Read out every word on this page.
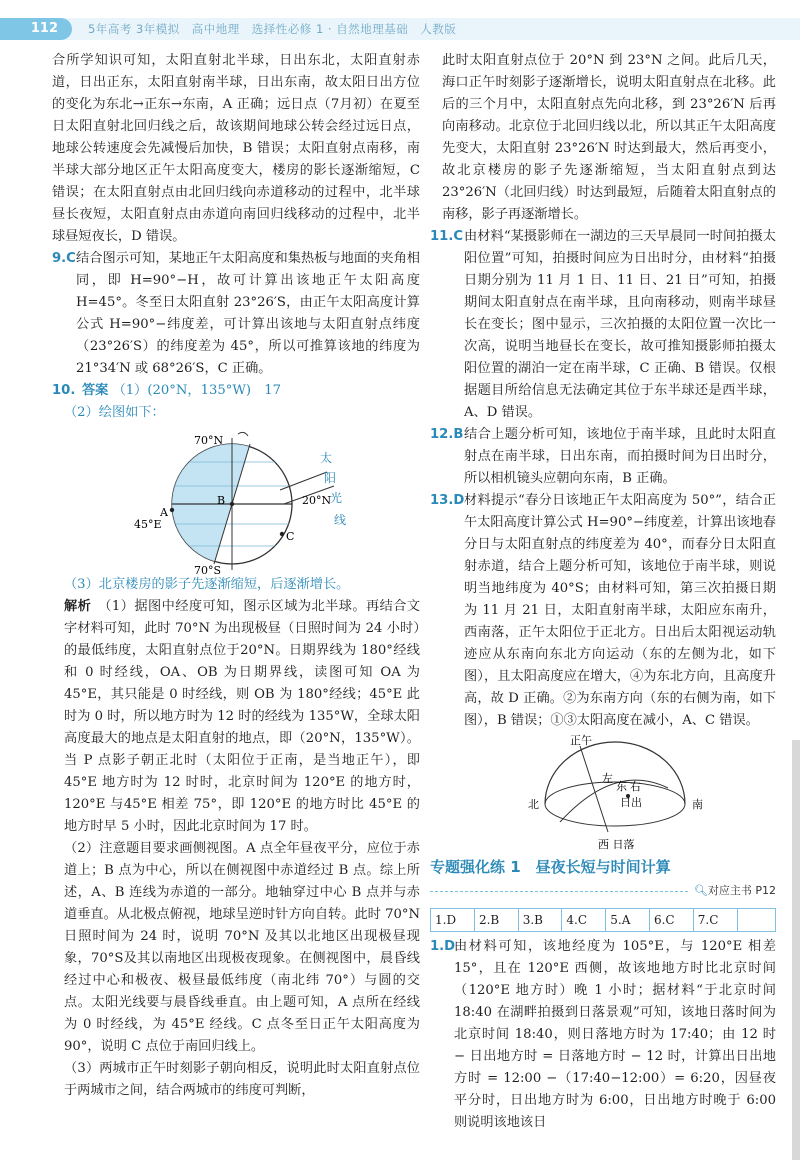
112	5年高考 3年模拟　高中地理　选择性必修 1 · 自然地理基础　人教版

合所学知识可知，太阳直射北半球，日出东北，太阳直射赤道，日出正东，太阳直射南半球，日出东南，故太阳日出方位的变化为东北→正东→东南，A 正确；远日点（7月初）在夏至日太阳直射北回归线之后，故该期间地球公转会经过远日点，地球公转速度会先减慢后加快，B 错误；太阳直射点南移，南半球大部分地区正午太阳高度变大，楼房的影长逐渐缩短，C 错误；在太阳直射点由北回归线向赤道移动的过程中，北半球昼长夜短，太阳直射点由赤道向南回归线移动的过程中，北半球昼短夜长，D 错误。

9.C 结合图示可知，某地正午太阳高度和集热板与地面的夹角相同，即 H=90°−H，故可计算出该地正午太阳高度 H=45°。冬至日太阳直射 23°26′S，由正午太阳高度计算公式 H=90°−纬度差，可计算出该地与太阳直射点纬度（23°26′S）的纬度差为 45°，所以可推算该地的纬度为 21°34′N 或 68°26′S，C 正确。
10. 答案 （1）(20°N，135°W)　17

（2）绘图如下：

70°N
20°N
70°S
45°E
A
B
C
太
阳
光
线

（3）北京楼房的影子先逐渐缩短，后逐渐增长。

解析　 （1）据图中经度可知，图示区域为北半球。再结合文字材料可知，此时 70°N 为出现极昼（日照时间为 24 小时）的最低纬度，太阳直射点位于20°N。日期界线为 180°经线和 0 时经线，OA、OB 为日期界线，读图可知 OA 为 45°E，其只能是 0 时经线，则 OB 为 180°经线；45°E 此时为 0 时，所以地方时为 12 时的经线为 135°W，全球太阳高度最大的地点是太阳直射的地点，即（20°N，135°W）。当 P 点影子朝正北时（太阳位于正南，是当地正午），即 45°E 地方时为 12 时时，北京时间为 120°E 的地方时，120°E 与45°E 相差 75°，即 120°E 的地方时比 45°E 的地方时早 5 小时，因此北京时间为 17 时。

（2）注意题目要求画侧视图。A 点全年昼夜平分，应位于赤道上；B 点为中心，所以在侧视图中赤道经过 B 点。综上所述，A、B 连线为赤道的一部分。地轴穿过中心 B 点并与赤道垂直。从北极点俯视，地球呈逆时针方向自转。此时 70°N 日照时间为 24 时，说明 70°N 及其以北地区出现极昼现象，70°S及其以南地区出现极夜现象。在侧视图中，晨昏线经过中心和极夜、极昼最低纬度（南北纬 70°）与圆的交点。太阳光线要与晨昏线垂直。由上题可知，A 点所在经线为 0 时经线，为 45°E 经线。C 点冬至日正午太阳高度为 90°，说明 C 点位于南回归线上。

（3）两城市正午时刻影子朝向相反，说明此时太阳直射点位于两城市之间，结合两城市的纬度可判断，

此时太阳直射点位于 20°N 到 23°N 之间。此后几天，海口正午时刻影子逐渐增长，说明太阳直射点在北移。此后的三个月中，太阳直射点先向北移，到 23°26′N 后再向南移动。北京位于北回归线以北，所以其正午太阳高度先变大，太阳直射 23°26′N 时达到最大，然后再变小，故北京楼房的影子先逐渐缩短，当太阳直射点到达 23°26′N（北回归线）时达到最短，后随着太阳直射点的南移，影子再逐渐增长。

11.C 由材料“某摄影师在一湖边的三天早晨同一时间拍摄太阳位置”可知，拍摄时间应为日出时分，由材料“拍摄日期分别为 11 月 1 日、11 日、21 日”可知，拍摄期间太阳直射点在南半球，且向南移动，则南半球昼长在变长；图中显示，三次拍摄的太阳位置一次比一次高，说明当地昼长在变长，故可推知摄影师拍摄太阳位置的湖泊一定在南半球，C 正确、B 错误。仅根据题目所给信息无法确定其位于东半球还是西半球，A、D 错误。
12.B 结合上题分析可知，该地位于南半球，且此时太阳直射点在南半球，日出东南，而拍摄时间为日出时分，所以相机镜头应朝向东南，B 正确。
13.D 材料提示“春分日该地正午太阳高度为 50°”，结合正午太阳高度计算公式 H=90°−纬度差，计算出该地春分日与太阳直射点的纬度差为 40°，而春分日太阳直射赤道，结合上题分析可知，该地位于南半球，则说明当地纬度为 40°S；由材料可知，第三次拍摄日期为 11 月 21 日，太阳直射南半球，太阳应东南升，西南落，正午太阳位于正北方。日出后太阳视运动轨迹应从东南向东北方向运动（东的左侧为北，如下图），且太阳高度应在增大，④为东北方向，且高度升高，故 D 正确。②为东南方向（东的右侧为南，如下图），B 错误；①③太阳高度在减小，A、C 错误。
正午
左
东 右
日出
北	南
西 日落
专题强化练 1　昼夜长短与时间计算
🔍︎ 对应主书 P12
1.D	2.B	3.B	4.C	5.A	6.C	7.C	
1.D
由材料可知，该地经度为 105°E，与 120°E 相差 15°，且在 120°E 西侧，故该地地方时比北京时间（120°E 地方时）晚 1 小时；据材料“于北京时间 18:40 在湖畔拍摄到日落景观”可知，该地日落时间为北京时间 18:40，则日落地方时为 17:40；由 12 时 − 日出地方时 = 日落地方时 − 12 时，计算出日出地方时 = 12:00 −（17:40−12:00）= 6:20，因昼夜平分时，日出地方时为 6:00，日出地方时晚于 6:00 则说明该地该日
